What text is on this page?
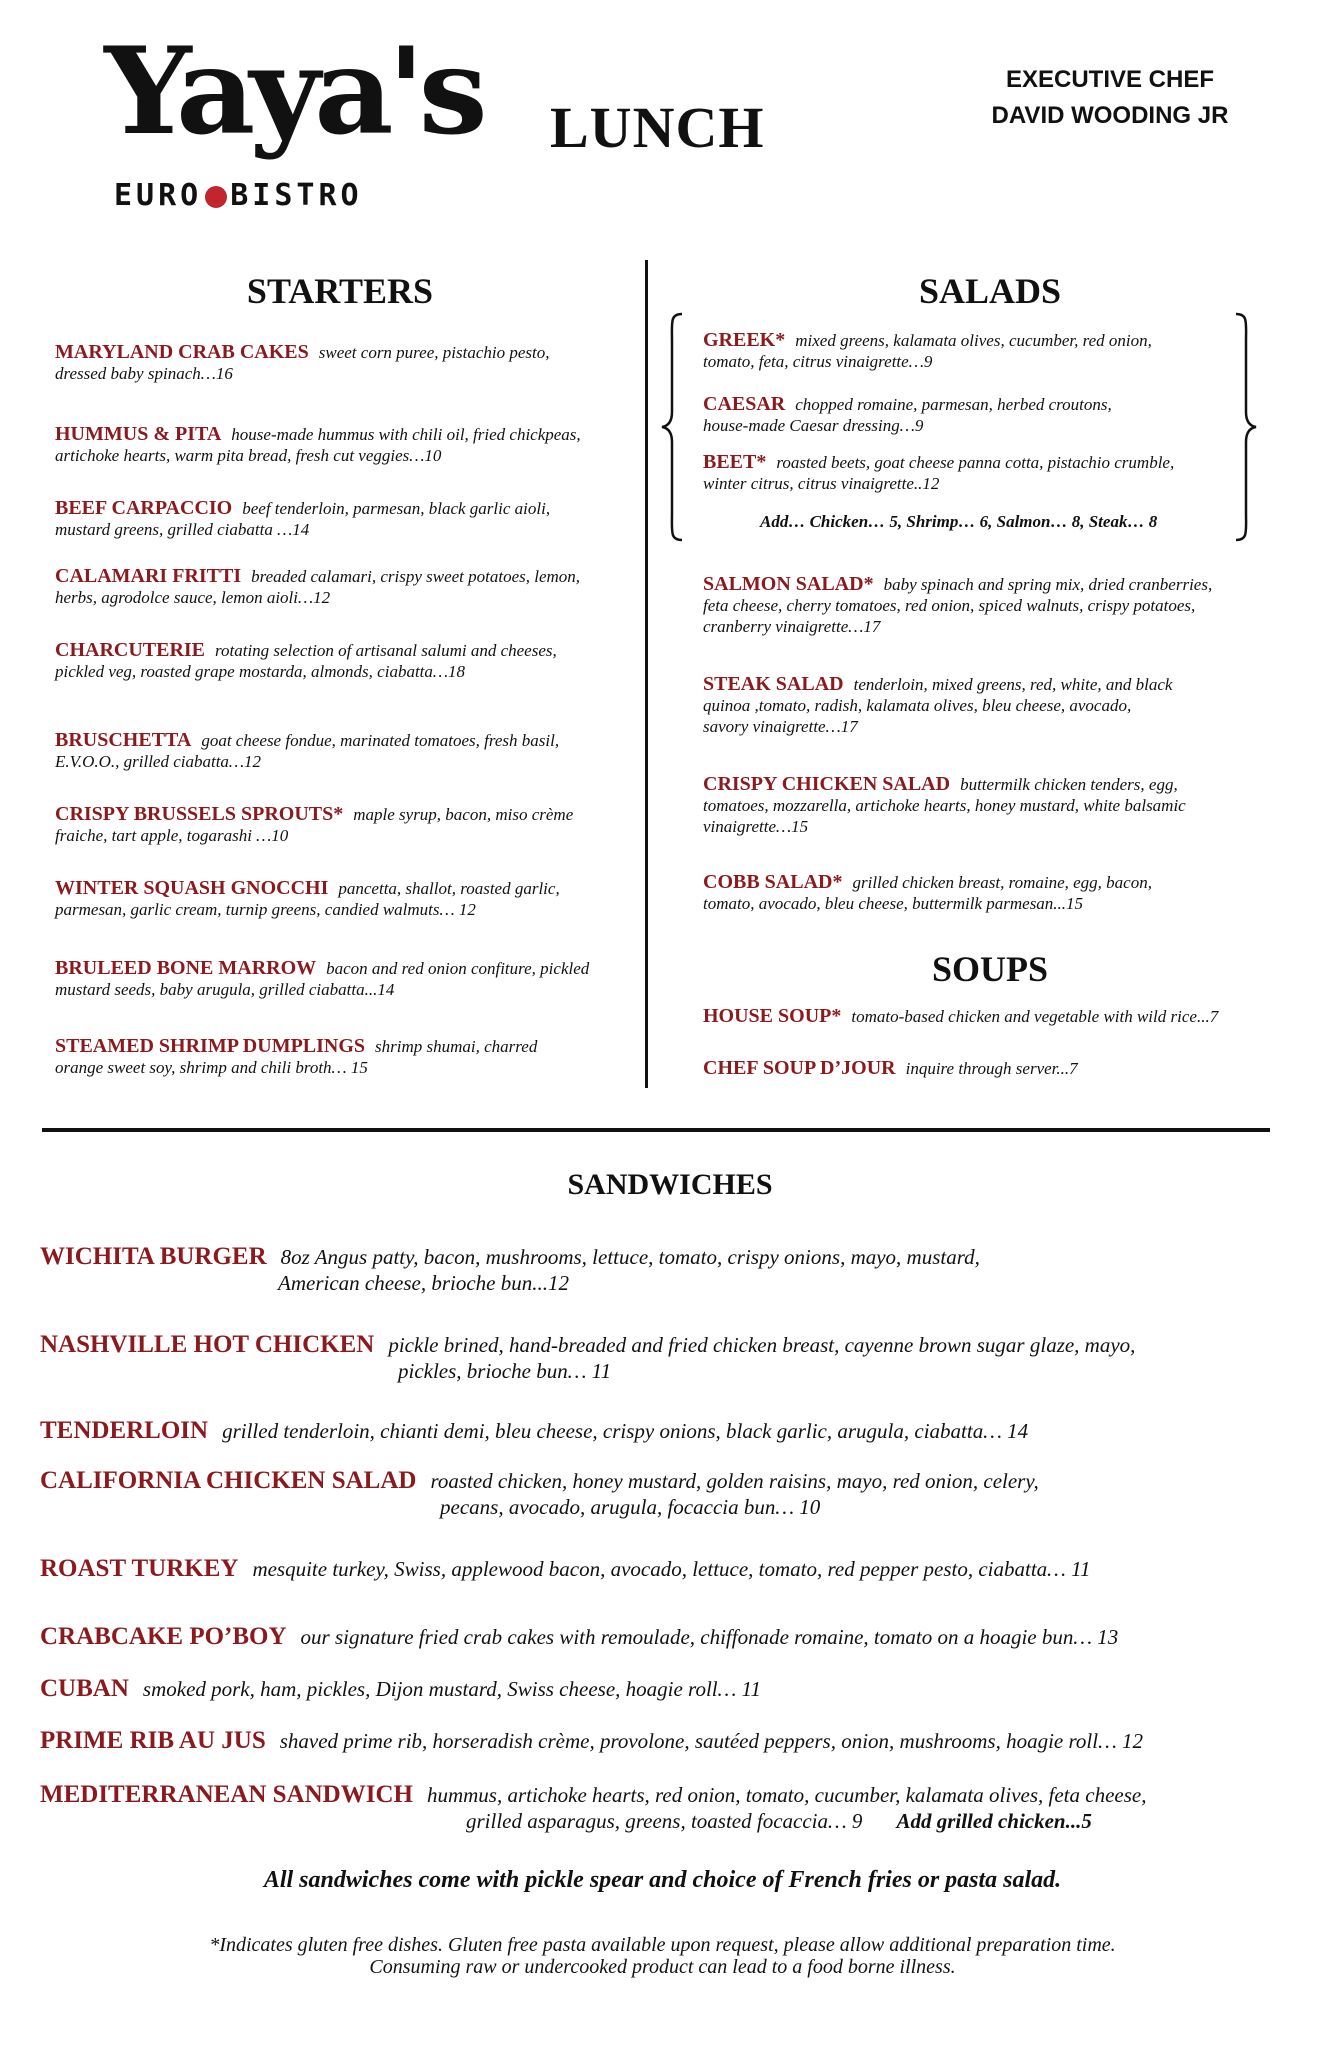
Yaya's
EURO BISTRO
LUNCH
EXECUTIVE CHEF
DAVID WOODING JR
STARTERS
MARYLAND CRAB CAKES sweet corn puree, pistachio pesto,
dressed baby spinach…16
HUMMUS & PITA house-made hummus with chili oil, fried chickpeas,
artichoke hearts, warm pita bread, fresh cut veggies…10
BEEF CARPACCIO beef tenderloin, parmesan, black garlic aioli,
mustard greens, grilled ciabatta …14
CALAMARI FRITTI breaded calamari, crispy sweet potatoes, lemon,
herbs, agrodolce sauce, lemon aioli…12
CHARCUTERIE rotating selection of artisanal salumi and cheeses,
pickled veg, roasted grape mostarda, almonds, ciabatta…18
BRUSCHETTA goat cheese fondue, marinated tomatoes, fresh basil,
E.V.O.O., grilled ciabatta…12
CRISPY BRUSSELS SPROUTS* maple syrup, bacon, miso crème
fraiche, tart apple, togarashi …10
WINTER SQUASH GNOCCHI pancetta, shallot, roasted garlic,
parmesan, garlic cream, turnip greens, candied walmuts… 12
BRULEED BONE MARROW bacon and red onion confiture, pickled
mustard seeds, baby arugula, grilled ciabatta...14
STEAMED SHRIMP DUMPLINGS shrimp shumai, charred
orange sweet soy, shrimp and chili broth… 15
SALADS
GREEK* mixed greens, kalamata olives, cucumber, red onion,
tomato, feta, citrus vinaigrette…9
CAESAR chopped romaine, parmesan, herbed croutons,
house-made Caesar dressing…9
BEET* roasted beets, goat cheese panna cotta, pistachio crumble,
winter citrus, citrus vinaigrette..12
Add… Chicken… 5, Shrimp… 6, Salmon… 8, Steak… 8
SALMON SALAD* baby spinach and spring mix, dried cranberries,
feta cheese, cherry tomatoes, red onion, spiced walnuts, crispy potatoes,
cranberry vinaigrette…17
STEAK SALAD tenderloin, mixed greens, red, white, and black
quinoa ,tomato, radish, kalamata olives, bleu cheese, avocado,
savory vinaigrette…17
CRISPY CHICKEN SALAD buttermilk chicken tenders, egg,
tomatoes, mozzarella, artichoke hearts, honey mustard, white balsamic
vinaigrette…15
COBB SALAD* grilled chicken breast, romaine, egg, bacon,
tomato, avocado, bleu cheese, buttermilk parmesan...15
SOUPS
HOUSE SOUP* tomato-based chicken and vegetable with wild rice...7
CHEF SOUP D’JOUR inquire through server...7
SANDWICHES
WICHITA BURGER 8oz Angus patty, bacon, mushrooms, lettuce, tomato, crispy onions, mayo, mustard,
American cheese, brioche bun...12
NASHVILLE HOT CHICKEN pickle brined, hand-breaded and fried chicken breast, cayenne brown sugar glaze, mayo,
pickles, brioche bun… 11
TENDERLOIN grilled tenderloin, chianti demi, bleu cheese, crispy onions, black garlic, arugula, ciabatta… 14
CALIFORNIA CHICKEN SALAD roasted chicken, honey mustard, golden raisins, mayo, red onion, celery,
pecans, avocado, arugula, focaccia bun… 10
ROAST TURKEY mesquite turkey, Swiss, applewood bacon, avocado, lettuce, tomato, red pepper pesto, ciabatta… 11
CRABCAKE PO’BOY our signature fried crab cakes with remoulade, chiffonade romaine, tomato on a hoagie bun… 13
CUBAN smoked pork, ham, pickles, Dijon mustard, Swiss cheese, hoagie roll… 11
PRIME RIB AU JUS shaved prime rib, horseradish crème, provolone, sautéed peppers, onion, mushrooms, hoagie roll… 12
MEDITERRANEAN SANDWICH hummus, artichoke hearts, red onion, tomato, cucumber, kalamata olives, feta cheese,
grilled asparagus, greens, toasted focaccia… 9 Add grilled chicken...5
All sandwiches come with pickle spear and choice of French fries or pasta salad.
*Indicates gluten free dishes. Gluten free pasta available upon request, please allow additional preparation time.
Consuming raw or undercooked product can lead to a food borne illness.
